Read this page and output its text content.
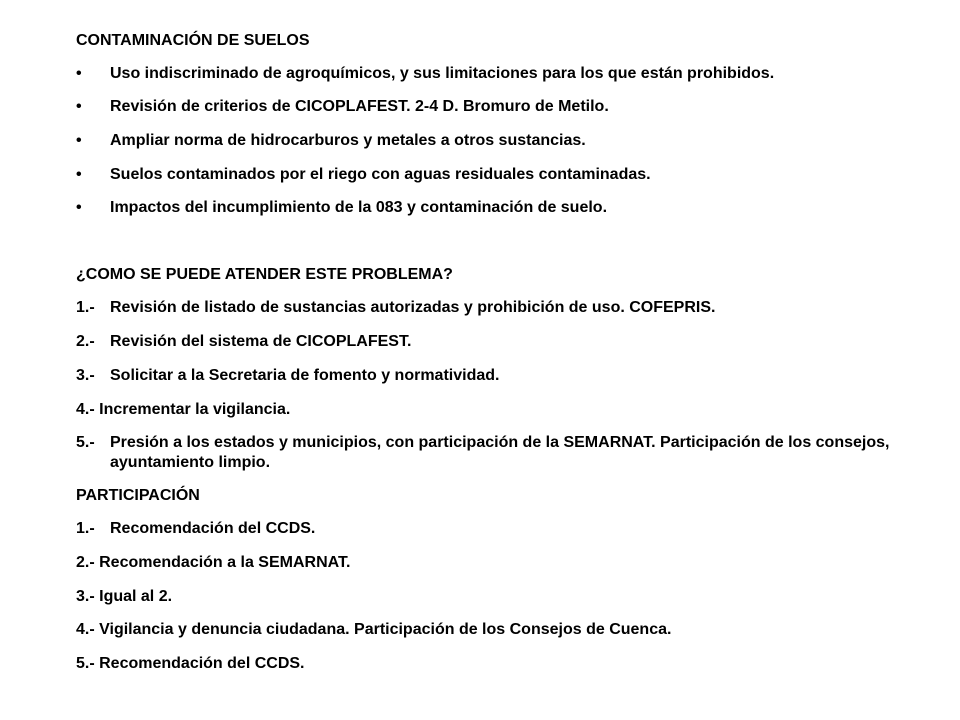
CONTAMINACIÓN DE SUELOS
• Uso indiscriminado de agroquímicos, y sus limitaciones para los que están prohibidos.
• Revisión de criterios de CICOPLAFEST. 2-4 D. Bromuro de Metilo.
• Ampliar norma de hidrocarburos y metales a otros sustancias.
• Suelos contaminados por el riego con aguas residuales contaminadas.
• Impactos del incumplimiento de la 083 y contaminación de suelo.
¿COMO SE PUEDE ATENDER ESTE PROBLEMA?
1.- Revisión de listado de sustancias autorizadas y prohibición de uso. COFEPRIS.
2.- Revisión del sistema de CICOPLAFEST.
3.- Solicitar a la Secretaria de fomento y normatividad.
4.- Incrementar la vigilancia.
5.- Presión a los estados y municipios, con participación de la SEMARNAT. Participación de los consejos, ayuntamiento limpio.
PARTICIPACIÓN
1.- Recomendación del CCDS.
2.- Recomendación a la SEMARNAT.
3.- Igual al 2.
4.- Vigilancia y denuncia ciudadana. Participación de los Consejos de Cuenca.
5.- Recomendación del CCDS.
